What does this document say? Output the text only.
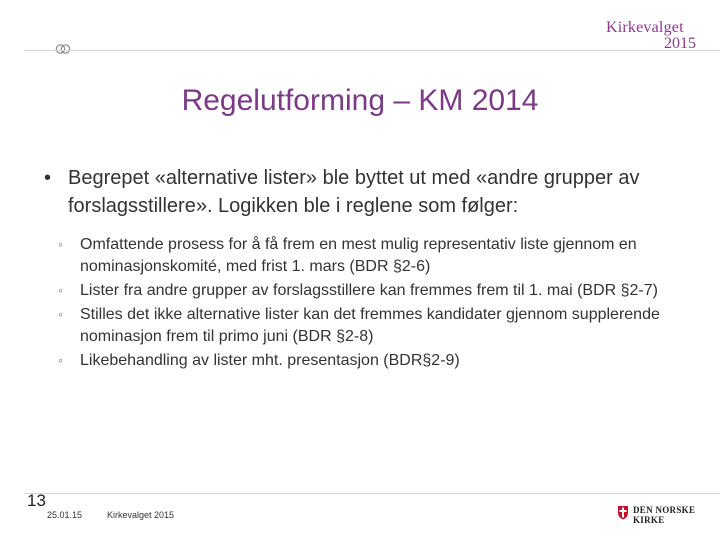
Kirkevalget
2015
Regelutforming – KM 2014
• Begrepet «alternative lister» ble byttet ut med «andre grupper av forslagsstillere». Logikken ble i reglene som følger:
◦ Omfattende prosess for å få frem en mest mulig representativ liste gjennom en nominasjonskomité, med frist 1. mars (BDR §2-6)
◦ Lister fra andre grupper av forslagsstillere kan fremmes frem til 1. mai (BDR §2-7)
◦ Stilles det ikke alternative lister kan det fremmes kandidater gjennom supplerende nominasjon frem til primo juni (BDR §2-8)
◦ Likebehandling av lister mht. presentasjon (BDR§2-9)
13
25.01.15	Kirkevalget 2015	DEN NORSKE KIRKE
